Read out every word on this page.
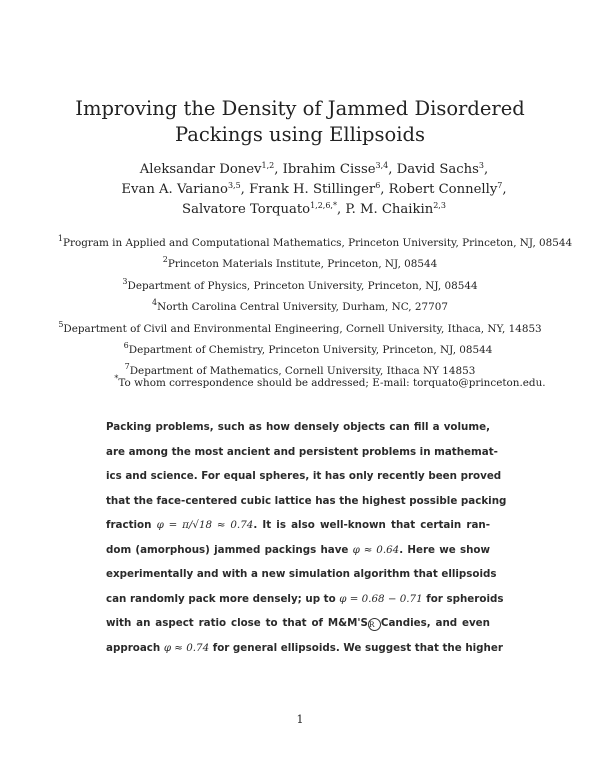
Improving the Density of Jammed Disordered
Packings using Ellipsoids
Aleksandar Donev$^{1,2}$, Ibrahim Cisse$^{3,4}$, David Sachs$^3$,
Evan A. Variano$^{3,5}$, Frank H. Stillinger$^6$, Robert Connelly$^7$,
Salvatore Torquato$^{1,2,6,*}$, P. M. Chaikin$^{2,3}$
$^1$Program in Applied and Computational Mathematics, Princeton University, Princeton, NJ, 08544
$^2$Princeton Materials Institute, Princeton, NJ, 08544
$^3$Department of Physics, Princeton University, Princeton, NJ, 08544
$^4$North Carolina Central University, Durham, NC, 27707
$^5$Department of Civil and Environmental Engineering, Cornell University, Ithaca, NY, 14853
$^6$Department of Chemistry, Princeton University, Princeton, NJ, 08544
$^7$Department of Mathematics, Cornell University, Ithaca NY 14853
*To whom correspondence should be addressed; E-mail: torquato@princeton.edu.
Packing problems, such as how densely objects can fill a volume,
are among the most ancient and persistent problems in mathemat-
ics and science. For equal spheres, it has only recently been proved
that the face-centered cubic lattice has the highest possible packing
fraction φ = π/√18 ≈ 0.74. It is also well-known that certain ran-
dom (amorphous) jammed packings have φ ≈ 0.64. Here we show
experimentally and with a new simulation algorithm that ellipsoids
can randomly pack more densely; up to φ = 0.68 − 0.71 for spheroids
with an aspect ratio close to that of M&M'SR Candies, and even
approach φ ≈ 0.74 for general ellipsoids. We suggest that the higher
1
